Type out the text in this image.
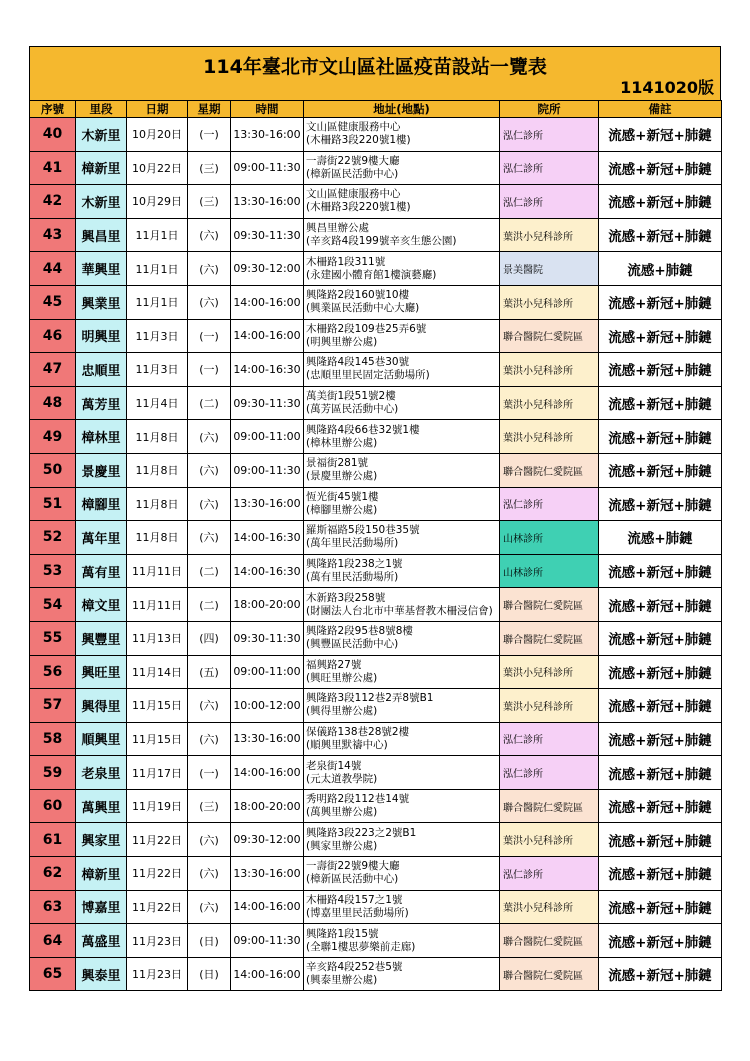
114年臺北市文山區社區疫苗設站一覽表
1141020版
序號	里段	日期	星期	時間	地址(地點)	院所	備註
40	木新里	10月20日	(一)	13:30-16:00	文山區健康服務中心
(木柵路3段220號1樓)	泓仁診所	流感+新冠+肺鏈
41	樟新里	10月22日	(三)	09:00-11:30	一壽街22號9樓大廳
(樟新區民活動中心)	泓仁診所	流感+新冠+肺鏈
42	木新里	10月29日	(三)	13:30-16:00	文山區健康服務中心
(木柵路3段220號1樓)	泓仁診所	流感+新冠+肺鏈
43	興昌里	11月1日	(六)	09:30-11:30	興昌里辦公處
(辛亥路4段199號辛亥生態公園)	葉洪小兒科診所	流感+新冠+肺鏈
44	華興里	11月1日	(六)	09:30-12:00	木柵路1段311號
(永建國小體育館1樓演藝廳)	景美醫院	流感+肺鏈
45	興業里	11月1日	(六)	14:00-16:00	興隆路2段160號10樓
(興業區民活動中心大廳)	葉洪小兒科診所	流感+新冠+肺鏈
46	明興里	11月3日	(一)	14:00-16:00	木柵路2段109巷25弄6號
(明興里辦公處)	聯合醫院仁愛院區	流感+新冠+肺鏈
47	忠順里	11月3日	(一)	14:00-16:30	興隆路4段145巷30號
(忠順里里民固定活動場所)	葉洪小兒科診所	流感+新冠+肺鏈
48	萬芳里	11月4日	(二)	09:30-11:30	萬美街1段51號2樓
(萬芳區民活動中心)	葉洪小兒科診所	流感+新冠+肺鏈
49	樟林里	11月8日	(六)	09:00-11:00	興隆路4段66巷32號1樓
(樟林里辦公處)	葉洪小兒科診所	流感+新冠+肺鏈
50	景慶里	11月8日	(六)	09:00-11:30	景福街281號
(景慶里辦公處)	聯合醫院仁愛院區	流感+新冠+肺鏈
51	樟腳里	11月8日	(六)	13:30-16:00	恆光街45號1樓
(樟腳里辦公處)	泓仁診所	流感+新冠+肺鏈
52	萬年里	11月8日	(六)	14:00-16:30	羅斯福路5段150巷35號
(萬年里民活動場所)	山林診所	流感+肺鏈
53	萬有里	11月11日	(二)	14:00-16:30	興隆路1段238之1號
(萬有里民活動場所)	山林診所	流感+新冠+肺鏈
54	樟文里	11月11日	(二)	18:00-20:00	木新路3段258號
(財團法人台北市中華基督教木柵浸信會)	聯合醫院仁愛院區	流感+新冠+肺鏈
55	興豐里	11月13日	(四)	09:30-11:30	興隆路2段95巷8號8樓
(興豐區民活動中心)	聯合醫院仁愛院區	流感+新冠+肺鏈
56	興旺里	11月14日	(五)	09:00-11:00	福興路27號
(興旺里辦公處)	葉洪小兒科診所	流感+新冠+肺鏈
57	興得里	11月15日	(六)	10:00-12:00	興隆路3段112巷2弄8號B1
(興得里辦公處)	葉洪小兒科診所	流感+新冠+肺鏈
58	順興里	11月15日	(六)	13:30-16:00	保儀路138巷28號2樓
(順興里默禱中心)	泓仁診所	流感+新冠+肺鏈
59	老泉里	11月17日	(一)	14:00-16:00	老泉街14號
(元太道教學院)	泓仁診所	流感+新冠+肺鏈
60	萬興里	11月19日	(三)	18:00-20:00	秀明路2段112巷14號
(萬興里辦公處)	聯合醫院仁愛院區	流感+新冠+肺鏈
61	興家里	11月22日	(六)	09:30-12:00	興隆路3段223之2號B1
(興家里辦公處)	葉洪小兒科診所	流感+新冠+肺鏈
62	樟新里	11月22日	(六)	13:30-16:00	一壽街22號9樓大廳
(樟新區民活動中心)	泓仁診所	流感+新冠+肺鏈
63	博嘉里	11月22日	(六)	14:00-16:00	木柵路4段157之1號
(博嘉里里民活動場所)	葉洪小兒科診所	流感+新冠+肺鏈
64	萬盛里	11月23日	(日)	09:00-11:30	興隆路1段15號
(全聯1樓思夢樂前走廊)	聯合醫院仁愛院區	流感+新冠+肺鏈
65	興泰里	11月23日	(日)	14:00-16:00	辛亥路4段252巷5號
(興泰里辦公處)	聯合醫院仁愛院區	流感+新冠+肺鏈
